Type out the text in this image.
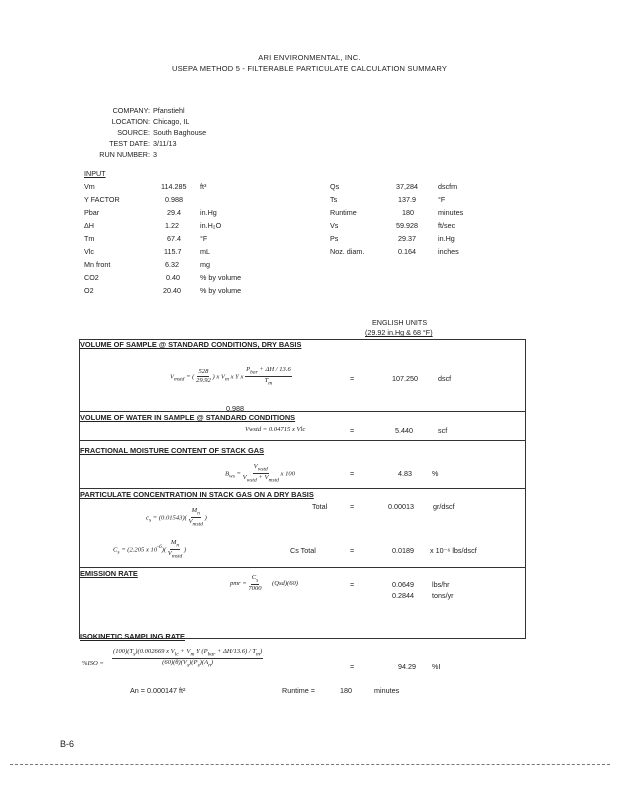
ARI ENVIRONMENTAL, INC.
USEPA METHOD 5 - FILTERABLE PARTICULATE CALCULATION SUMMARY
COMPANY: Pfanstiehl
LOCATION: Chicago, IL
SOURCE: South Baghouse
TEST DATE: 3/11/13
RUN NUMBER: 3
INPUT
Vm	114.285 ft³
Y FACTOR	0.988
Pbar	29.4	in.Hg
ΔH	1.22	in.H₂O
Tm	67.4	°F
Vlc	115.7	mL
Mn front	6.32	mg
CO2	0.40	% by volume
O2	20.40	% by volume
Qs	37,284	dscfm
Ts	137.9	°F
Runtime	180	minutes
Vs	59.928	ft/sec
Ps	29.37	in.Hg
Noz. diam.	0.164	inches
ENGLISH UNITS
(29.92 in.Hg & 68 °F)
VOLUME OF SAMPLE @ STANDARD CONDITIONS, DRY BASIS
$V_{mstd}$ = ( $\frac{528}{29.92}$ ) x $V_m$ x Y x $\frac{P_{bar} + \Delta H / 13.6}{T_m}$	=	107.250	dscf
0.988
VOLUME OF WATER IN SAMPLE @ STANDARD CONDITIONS
Vwstd = 0.04715 x Vlc	=	5.440	scf
FRACTIONAL MOISTURE CONTENT OF STACK GAS
$B_{ws} = \frac{V_{wstd}}{V_{wstd} + V_{mstd}}$ x 100	=	4.83	%
PARTICULATE CONCENTRATION IN STACK GAS ON A DRY BASIS
$c_s = (0.01543)( \frac{M_n}{V_{mstd}}$ )
Total	=	0.00013	gr/dscf
$C_s = (2.205$ x $10^{-6})( \frac{M_n}{V_{mstd}}$ )	Cs Total	=	0.0189 x 10⁻⁶ lbs/dscf
EMISSION RATE
pmr = $\frac{C_s}{7000} (Qsd)(60)$	=	0.0649	lbs/hr
0.2844	tons/yr
ISOKINETIC SAMPLING RATE
$\%ISO = \frac{(100)(T_s)(0.002669 x V_{lc} + V_m Y (P_{bar} + \Delta H/13.6) / T_m)}{(60)(\theta)(V_s)(P_s)(A_n)}$	=	94.29 %I
An = 0.000147 ft²	Runtime =	180	minutes
B-6
